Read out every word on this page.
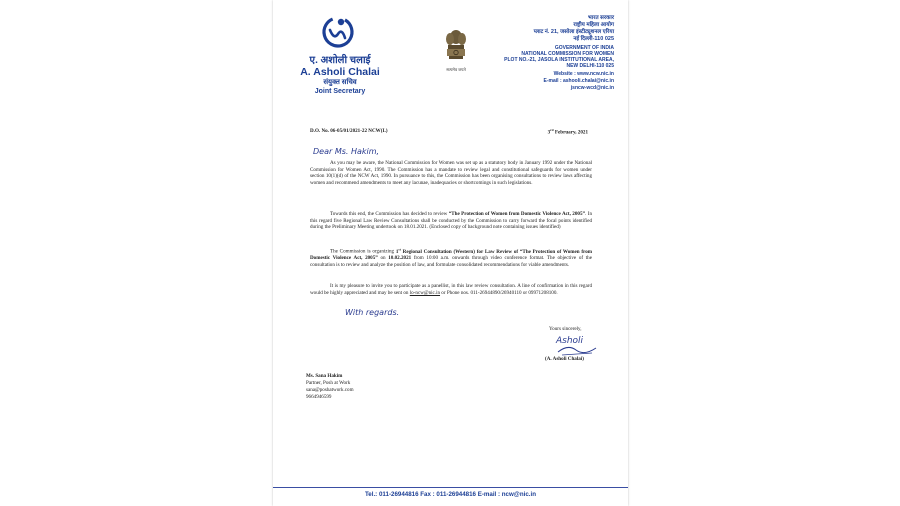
ए. अशोली चलाई
A. Asholi Chalai
संयुक्त सचिव
Joint Secretary
सत्यमेव जयते
भारत सरकार
राष्ट्रीय महिला आयोग
प्लाट नं. 21, जसोला इंस्टीट्यूशनल एरिया
नई दिल्ली-110 025
GOVERNMENT OF INDIA
NATIONAL COMMISSION FOR WOMEN
PLOT NO.-21, JASOLA INSTITUTIONAL AREA,
NEW DELHI-110 025
Website : www.ncw.nic.in
E-mail : ashooli.chalai@nic.in
jsncw-wcd@nic.in
D.O. No. 06-05/01/2021-22 NCW(L)	3rd February, 2021
Dear Ms. Hakim,
As you may be aware, the National Commission for Women was set up as a statutory body in January 1992 under the National Commission for Women Act, 1990. The Commission has a mandate to review legal and constitutional safeguards for women under section 10(1)(d) of the NCW Act, 1990. In pursuance to this, the Commission has been organising consultations to review laws affecting women and recommend amendments to meet any lacunae, inadequacies or shortcomings in such legislations.
Towards this end, the Commission has decided to review “The Protection of Women from Domestic Violence Act, 2005”. In this regard five Regional Law Review Consultations shall be conducted by the Commission to carry forward the focal points identified during the Preliminary Meeting undertook on 18.01.2021. (Enclosed copy of background note containing issues identified)
The Commission is organizing 1st Regional Consultation (Western) for Law Review of “The Protection of Women from Domestic Violence Act, 2005” on 10.02.2021 from 10:00 a.m. onwards through video conference format. The objective of the consultation is to review and analyze the position of law, and formulate consolidated recommendations for viable amendments.
It is my pleasure to invite you to participate as a panellist, in this law review consultation. A line of confirmation in this regard would be highly appreciated and may be sent on lo-ncw@nic.in or Phone nos. 011-26944890/26940110 or 09971208100.
With regards.
Yours sincerely,
Asholi
(A. Asholi Chalai)
Ms. Sana Hakim
Partner, Posh at Work
sana@poshatwork.com
9664946599
Tel.: 011-26944816 Fax : 011-26944816 E-mail : ncw@nic.in
